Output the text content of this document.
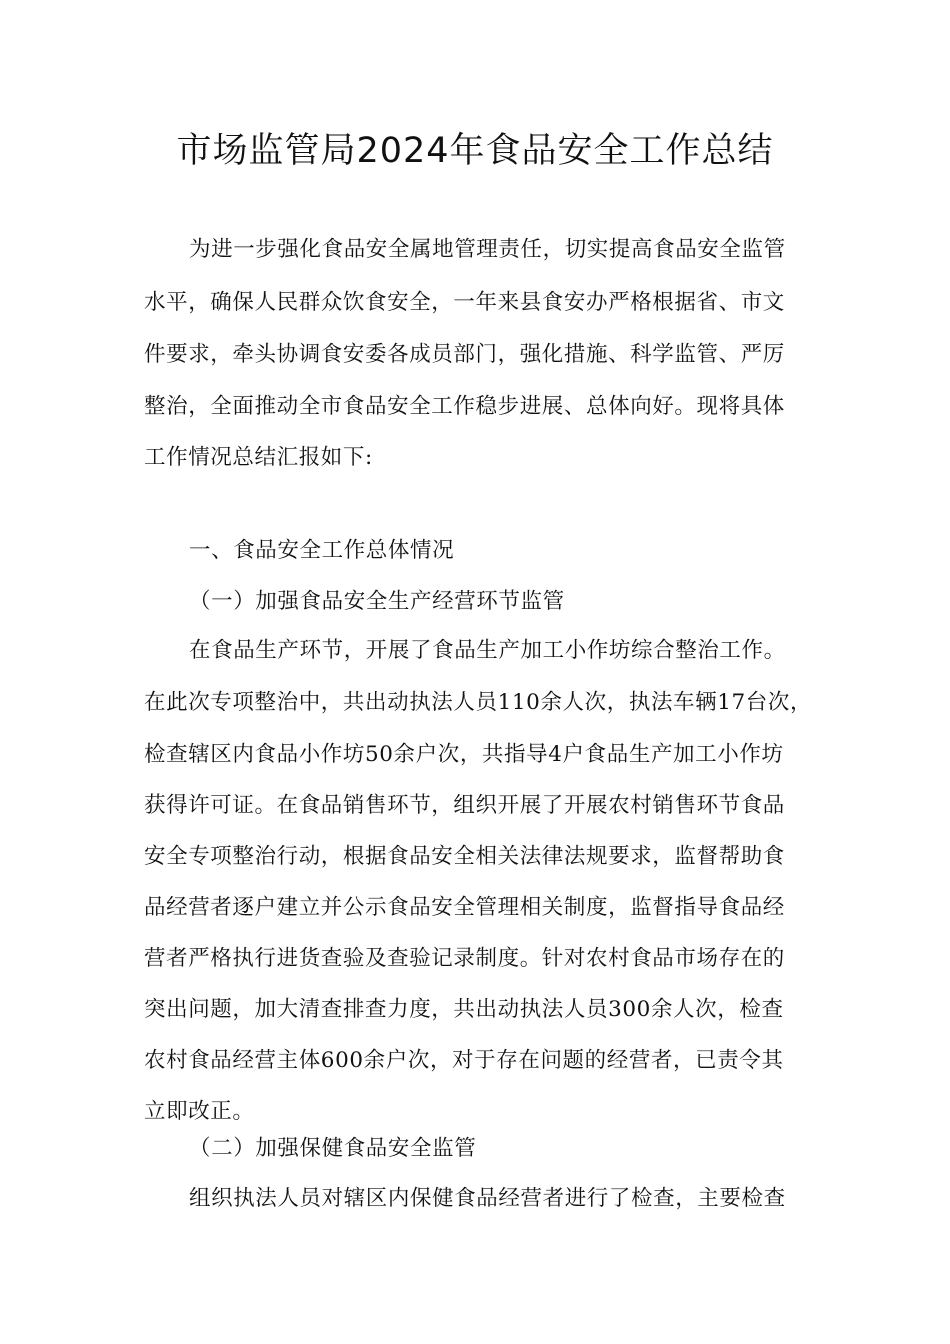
市场监管局2024年食品安全工作总结

为进一步强化食品安全属地管理责任，切实提高食品安全监管

水平，确保人民群众饮食安全，一年来县食安办严格根据省、市文

件要求，牵头协调食安委各成员部门，强化措施、科学监管、严厉

整治，全面推动全市食品安全工作稳步进展、总体向好。现将具体

工作情况总结汇报如下:

一、食品安全工作总体情况

（一）加强食品安全生产经营环节监管

在食品生产环节，开展了食品生产加工小作坊综合整治工作。

在此次专项整治中，共出动执法人员110余人次，执法车辆17台次，

检查辖区内食品小作坊50余户次，共指导4户食品生产加工小作坊

获得许可证。在食品销售环节，组织开展了开展农村销售环节食品

安全专项整治行动，根据食品安全相关法律法规要求，监督帮助食

品经营者逐户建立并公示食品安全管理相关制度，监督指导食品经

营者严格执行进货查验及查验记录制度。针对农村食品市场存在的

突出问题，加大清查排查力度，共出动执法人员300余人次，检查

农村食品经营主体600余户次，对于存在问题的经营者，已责令其

立即改正。

（二）加强保健食品安全监管

组织执法人员对辖区内保健食品经营者进行了检查，主要检查
